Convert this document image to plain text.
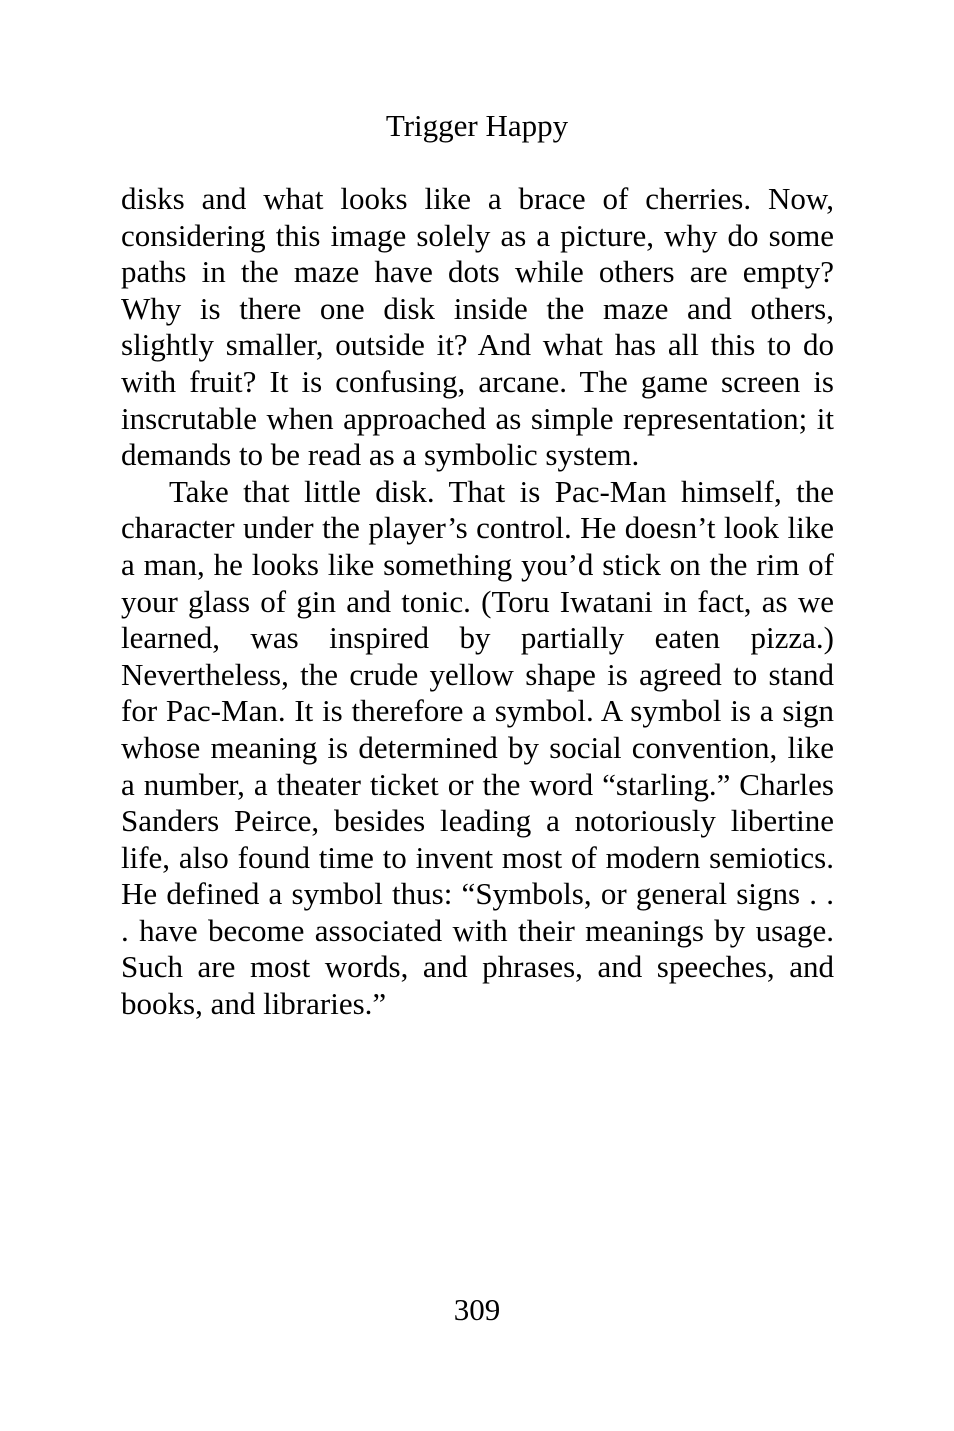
Trigger Happy

disks and what looks like a brace of cherries. Now, considering this image solely as a picture, why do some paths in the maze have dots while others are empty? Why is there one disk inside the maze and others, slightly smaller, outside it? And what has all this to do with fruit? It is confusing, arcane. The game screen is inscrutable when approached as simple representation; it demands to be read as a symbolic system.

Take that little disk. That is Pac-Man himself, the character under the player’s control. He doesn’t look like a man, he looks like something you’d stick on the rim of your glass of gin and tonic. (Toru Iwatani in fact, as we learned, was inspired by partially eaten pizza.) Nevertheless, the crude yellow shape is agreed to stand for Pac-Man. It is therefore a symbol. A symbol is a sign whose meaning is determined by social convention, like a number, a theater ticket or the word “starling.” Charles Sanders Peirce, besides leading a notoriously libertine life, also found time to invent most of modern semiotics. He defined a symbol thus: “Symbols, or general signs . . . have become associated with their meanings by usage. Such are most words, and phrases, and speeches, and books, and libraries.”

309
